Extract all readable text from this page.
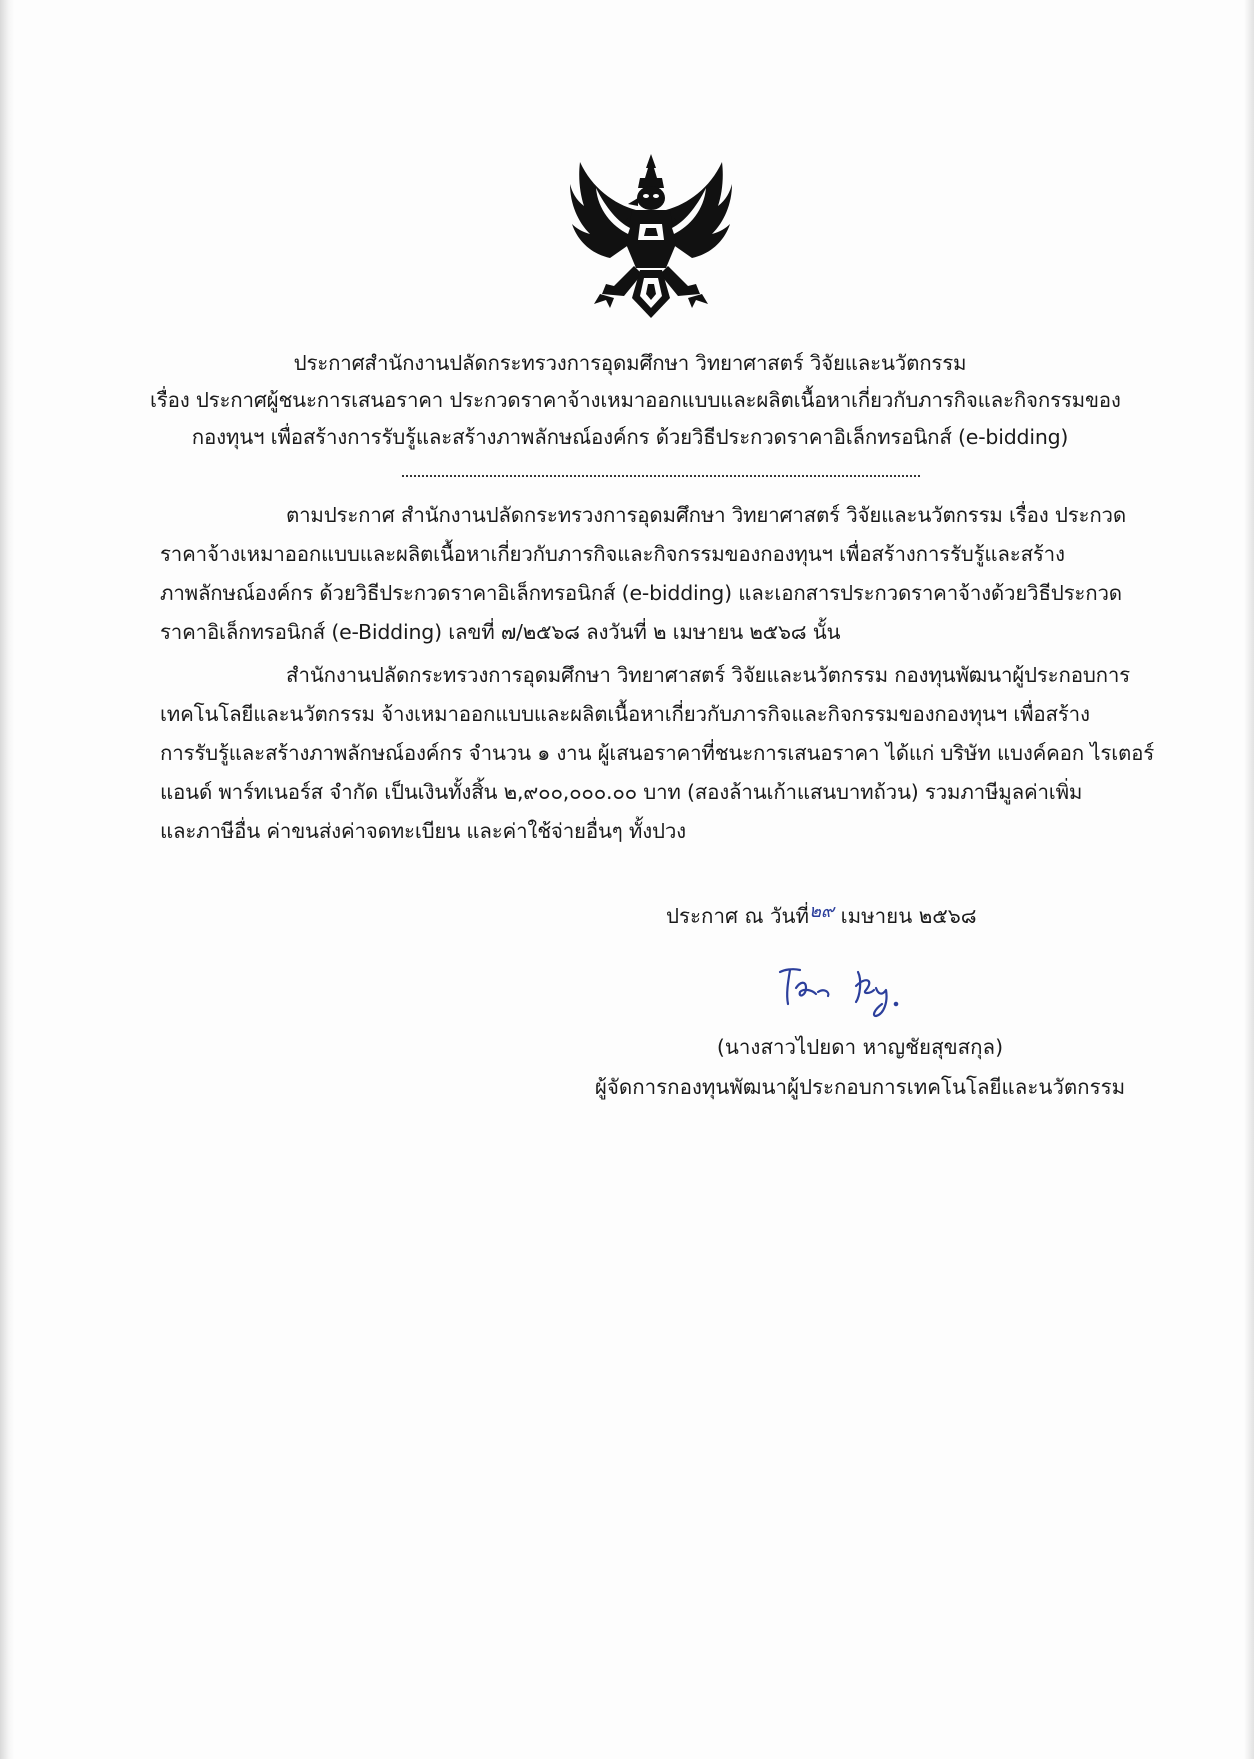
ประกาศสำนักงานปลัดกระทรวงการอุดมศึกษา วิทยาศาสตร์ วิจัยและนวัตกรรม
เรื่อง ประกาศผู้ชนะการเสนอราคา ประกวดราคาจ้างเหมาออกแบบและผลิตเนื้อหาเกี่ยวกับภารกิจและกิจกรรมของ
กองทุนฯ เพื่อสร้างการรับรู้และสร้างภาพลักษณ์องค์กร ด้วยวิธีประกวดราคาอิเล็กทรอนิกส์ (e-bidding)
ตามประกาศ สำนักงานปลัดกระทรวงการอุดมศึกษา วิทยาศาสตร์ วิจัยและนวัตกรรม เรื่อง ประกวด
ราคาจ้างเหมาออกแบบและผลิตเนื้อหาเกี่ยวกับภารกิจและกิจกรรมของกองทุนฯ เพื่อสร้างการรับรู้และสร้าง
ภาพลักษณ์องค์กร ด้วยวิธีประกวดราคาอิเล็กทรอนิกส์ (e-bidding) และเอกสารประกวดราคาจ้างด้วยวิธีประกวด
ราคาอิเล็กทรอนิกส์ (e-Bidding) เลขที่ ๗/๒๕๖๘ ลงวันที่ ๒ เมษายน ๒๕๖๘ นั้น
สำนักงานปลัดกระทรวงการอุดมศึกษา วิทยาศาสตร์ วิจัยและนวัตกรรม กองทุนพัฒนาผู้ประกอบการ
เทคโนโลยีและนวัตกรรม จ้างเหมาออกแบบและผลิตเนื้อหาเกี่ยวกับภารกิจและกิจกรรมของกองทุนฯ เพื่อสร้าง
การรับรู้และสร้างภาพลักษณ์องค์กร จำนวน ๑ งาน ผู้เสนอราคาที่ชนะการเสนอราคา ได้แก่ บริษัท แบงค์คอก ไรเตอร์
แอนด์ พาร์ทเนอร์ส จำกัด เป็นเงินทั้งสิ้น ๒,๙๐๐,๐๐๐.๐๐ บาท (สองล้านเก้าแสนบาทถ้วน) รวมภาษีมูลค่าเพิ่ม
และภาษีอื่น ค่าขนส่งค่าจดทะเบียน และค่าใช้จ่ายอื่นๆ ทั้งปวง
ประกาศ ณ วันที่๒๙ เมษายน ๒๕๖๘
(นางสาวไปยดา หาญชัยสุขสกุล)
ผู้จัดการกองทุนพัฒนาผู้ประกอบการเทคโนโลยีและนวัตกรรม
